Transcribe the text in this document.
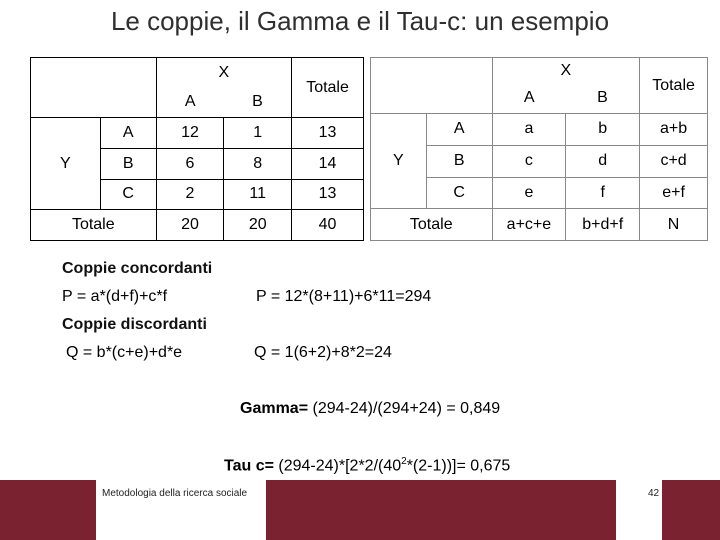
Le coppie, il Gamma e il Tau-c: un esempio
		X		Totale
		A	B	
Y	A	12	1	13
	B	6	8	14
	C	2	11	13
Totale		20	20	40
		X		Totale
		A	B	
Y	A	a	b	a+b
	B	c	d	c+d
	C	e	f	e+f
Totale		a+c+e	b+d+f	N
Coppie concordanti
P = a*(d+f)+c*f	P = 12*(8+11)+6*11=294
Coppie discordanti
Q = b*(c+e)+d*e	Q = 1(6+2)+8*2=24
Gamma= (294-24)/(294+24) = 0,849
Tau $c= (294-24)*[2*2/(40^2*(2-1))]= 0,675$
Metodologia della ricerca sociale	42
